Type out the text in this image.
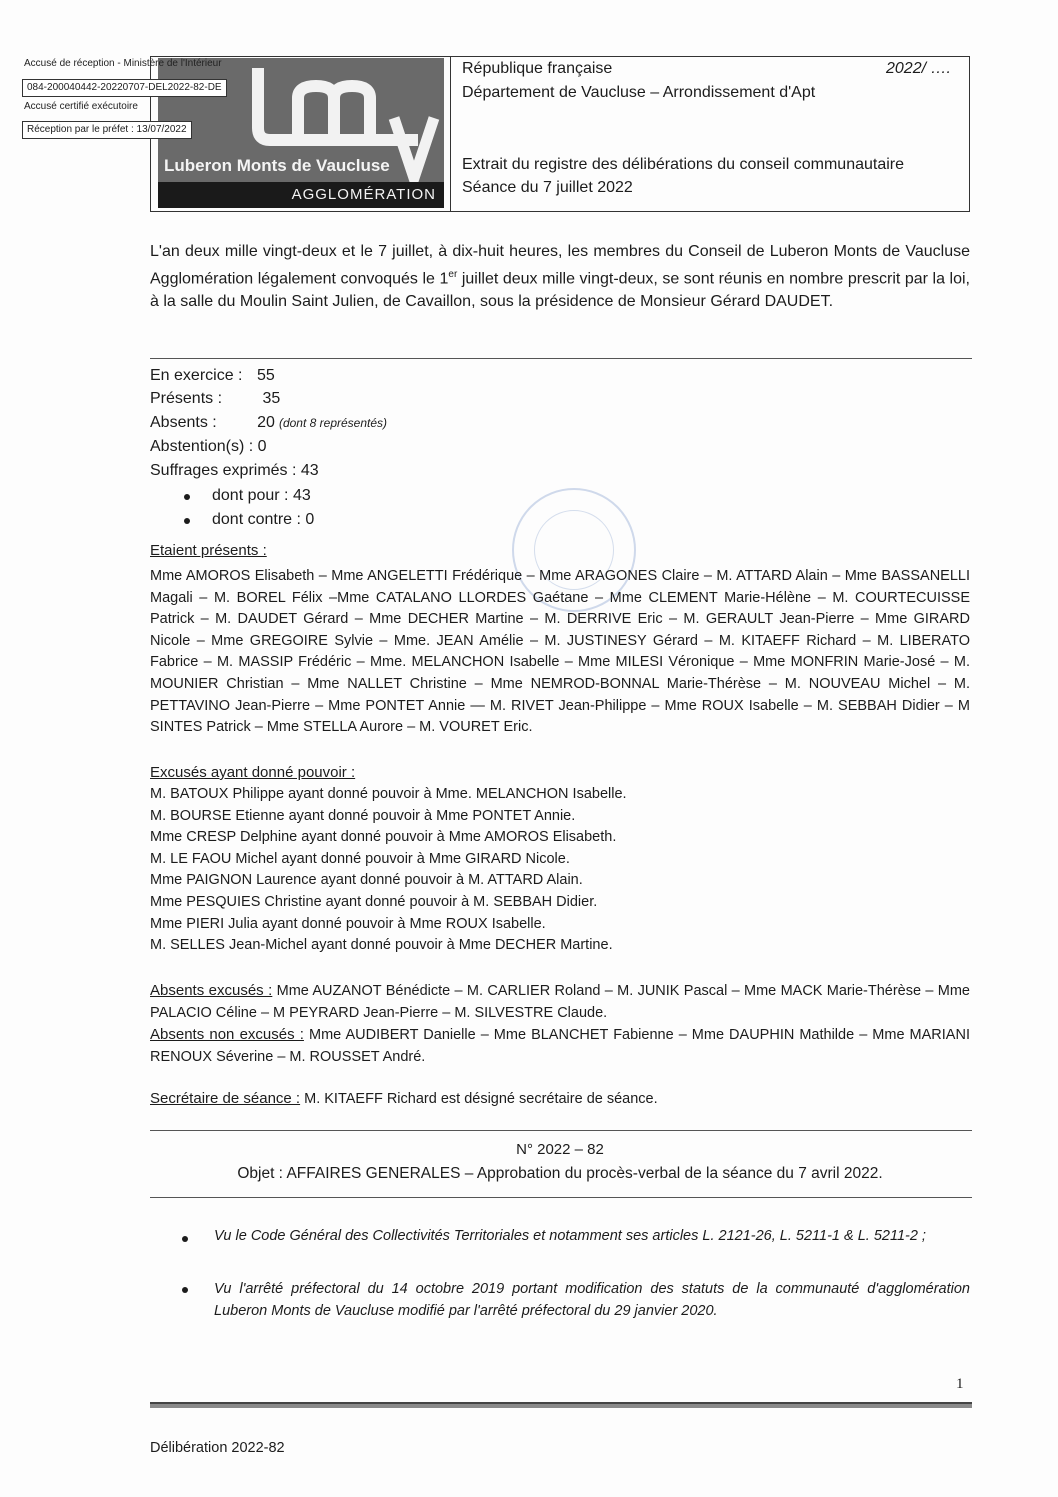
Luberon Monts de Vaucluse
AGGLOMÉRATION
Accusé de réception - Ministère de l'Intérieur
084-200040442-20220707-DEL2022-82-DE
Accusé certifié exécutoire
Réception par le préfet : 13/07/2022
République française	2022/ ….
Département de Vaucluse – Arrondissement d'Apt
Extrait du registre des délibérations du conseil communautaire
Séance du 7 juillet 2022
L'an deux mille vingt-deux et le 7 juillet, à dix-huit heures, les membres du Conseil de Luberon Monts de Vaucluse Agglomération légalement convoqués le 1er juillet deux mille vingt-deux, se sont réunis en nombre prescrit par la loi, à la salle du Moulin Saint Julien, de Cavaillon, sous la présidence de Monsieur Gérard DAUDET.
En exercice : 55
Présents :	35
Absents :	20 (dont 8 représentés)
Abstention(s) : 0
Suffrages exprimés : 43
dont pour : 43
dont contre : 0
Etaient présents :
Mme AMOROS Elisabeth – Mme ANGELETTI Frédérique – Mme ARAGONES Claire – M. ATTARD Alain – Mme BASSANELLI Magali – M. BOREL Félix –Mme CATALANO LLORDES Gaétane – Mme CLEMENT Marie-Hélène – M. COURTECUISSE Patrick – M. DAUDET Gérard – Mme DECHER Martine – M. DERRIVE Eric – M. GERAULT Jean-Pierre – Mme GIRARD Nicole – Mme GREGOIRE Sylvie – Mme. JEAN Amélie – M. JUSTINESY Gérard – M. KITAEFF Richard – M. LIBERATO Fabrice – M. MASSIP Frédéric – Mme. MELANCHON Isabelle – Mme MILESI Véronique – Mme MONFRIN Marie-José – M. MOUNIER Christian – Mme NALLET Christine – Mme NEMROD-BONNAL Marie-Thérèse – M. NOUVEAU Michel – M. PETTAVINO Jean-Pierre – Mme PONTET Annie — M. RIVET Jean-Philippe – Mme ROUX Isabelle – M. SEBBAH Didier – M SINTES Patrick – Mme STELLA Aurore – M. VOURET Eric.
Excusés ayant donné pouvoir :
M. BATOUX Philippe ayant donné pouvoir à Mme. MELANCHON Isabelle.
M. BOURSE Etienne ayant donné pouvoir à Mme PONTET Annie.
Mme CRESP Delphine ayant donné pouvoir à Mme AMOROS Elisabeth.
M. LE FAOU Michel ayant donné pouvoir à Mme GIRARD Nicole.
Mme PAIGNON Laurence ayant donné pouvoir à M. ATTARD Alain.
Mme PESQUIES Christine ayant donné pouvoir à M. SEBBAH Didier.
Mme PIERI Julia ayant donné pouvoir à Mme ROUX Isabelle.
M. SELLES Jean-Michel ayant donné pouvoir à Mme DECHER Martine.
Absents excusés : Mme AUZANOT Bénédicte – M. CARLIER Roland – M. JUNIK Pascal – Mme MACK Marie-Thérèse – Mme PALACIO Céline – M PEYRARD Jean-Pierre – M. SILVESTRE Claude.
Absents non excusés : Mme AUDIBERT Danielle – Mme BLANCHET Fabienne – Mme DAUPHIN Mathilde – Mme MARIANI RENOUX Séverine – M. ROUSSET André.
Secrétaire de séance : M. KITAEFF Richard est désigné secrétaire de séance.
N° 2022 – 82
Objet : AFFAIRES GENERALES – Approbation du procès-verbal de la séance du 7 avril 2022.
Vu le Code Général des Collectivités Territoriales et notamment ses articles L. 2121-26, L. 5211-1 & L. 5211-2 ;
Vu l'arrêté préfectoral du 14 octobre 2019 portant modification des statuts de la communauté d'agglomération Luberon Monts de Vaucluse modifié par l'arrêté préfectoral du 29 janvier 2020.
1
Délibération 2022-82
